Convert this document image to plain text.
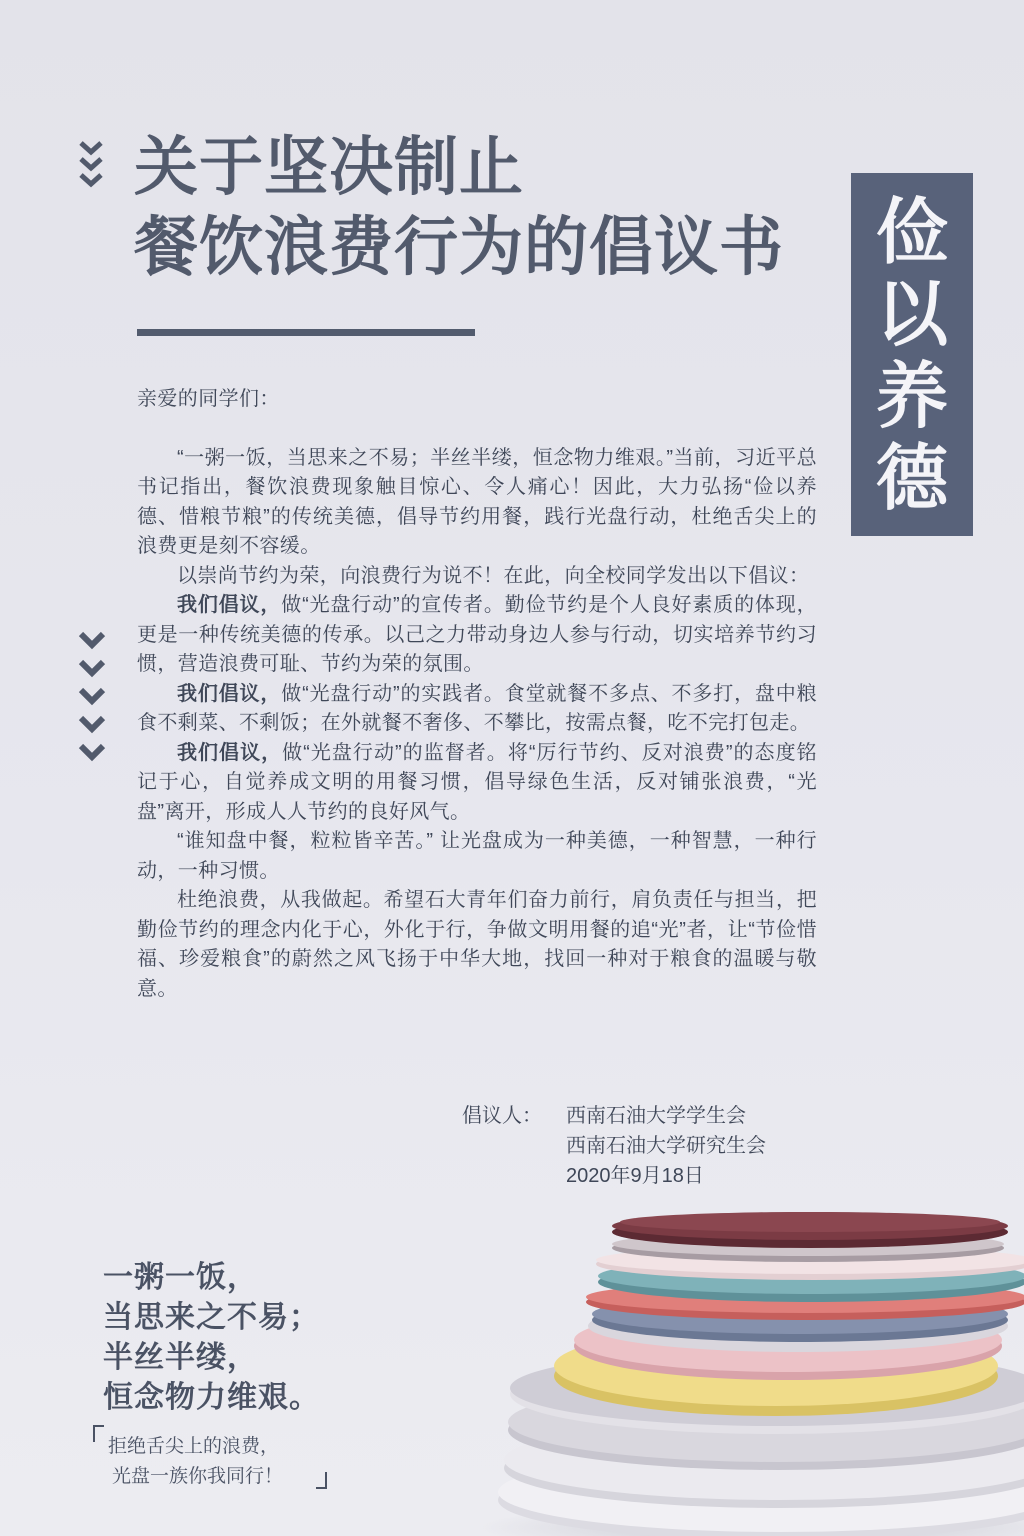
关于坚决制止
餐饮浪费行为的倡议书 俭
以
养
德

亲爱的同学们：

“一粥一饭，当思来之不易；半丝半缕，恒念物力维艰。”当前，习近平总书记指出，餐饮浪费现象触目惊心、令人痛心！因此，大力弘扬“俭以养德、惜粮节粮”的传统美德，倡导节约用餐，践行光盘行动，杜绝舌尖上的浪费更是刻不容缓。

以崇尚节约为荣，向浪费行为说不！在此，向全校同学发出以下倡议：

我们倡议，做“光盘行动”的宣传者。勤俭节约是个人良好素质的体现，更是一种传统美德的传承。以己之力带动身边人参与行动，切实培养节约习惯，营造浪费可耻、节约为荣的氛围。

我们倡议，做“光盘行动”的实践者。食堂就餐不多点、不多打，盘中粮食不剩菜、不剩饭；在外就餐不奢侈、不攀比，按需点餐，吃不完打包走。

我们倡议，做“光盘行动”的监督者。将“厉行节约、反对浪费”的态度铭记于心，自觉养成文明的用餐习惯，倡导绿色生活，反对铺张浪费，“光盘”离开，形成人人节约的良好风气。

“谁知盘中餐，粒粒皆辛苦。” 让光盘成为一种美德，一种智慧，一种行动，一种习惯。

杜绝浪费，从我做起。希望石大青年们奋力前行，肩负责任与担当，把勤俭节约的理念内化于心，外化于行，争做文明用餐的追“光”者，让“节俭惜福、珍爱粮食”的蔚然之风飞扬于中华大地，找回一种对于粮食的温暖与敬意。

倡议人：	西南石油大学学生会
西南石油大学研究生会
2020年9月18日
一粥一饭，
当思来之不易；
半丝半缕，
恒念物力维艰。
拒绝舌尖上的浪费，
光盘一族你我同行！
